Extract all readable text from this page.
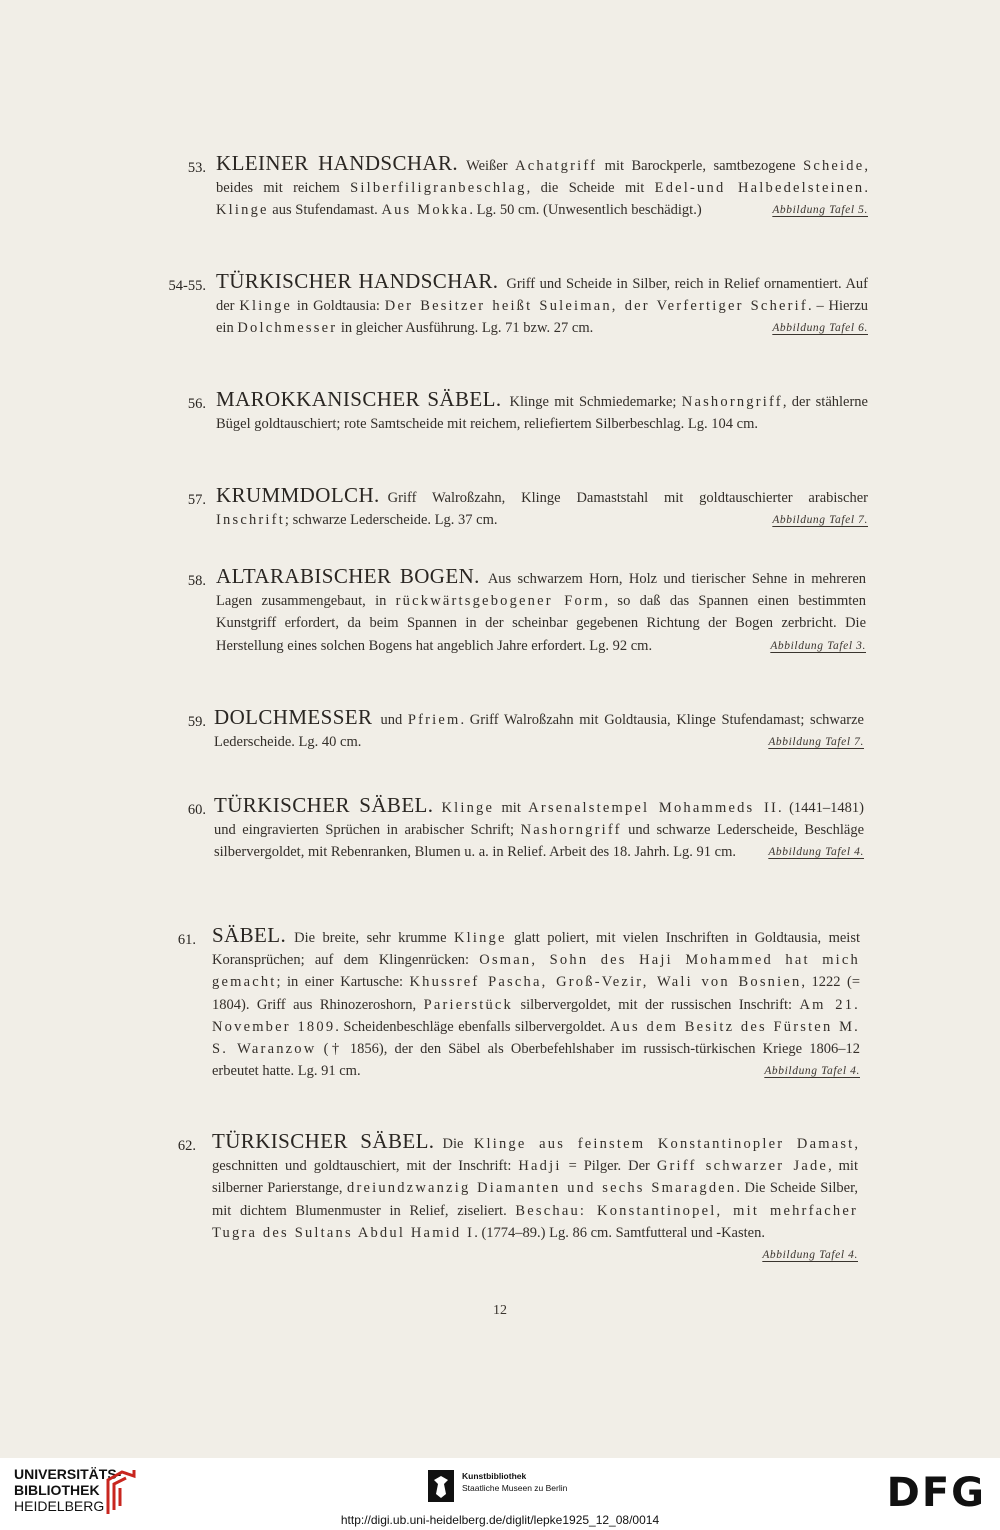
53. KLEINER HANDSCHAR. Weißer Achatgriff mit Barockperle, samtbezogene Scheide, beides mit reichem Silberfiligranbeschlag, die Scheide mit Edel-und Halbedelsteinen. Klinge aus Stufendamast. Aus Mokka. Lg. 50 cm. (Unwesentlich beschädigt.)	Abbildung Tafel 5.
54-55. TÜRKISCHER HANDSCHAR. Griff und Scheide in Silber, reich in Relief ornamentiert. Auf der Klinge in Goldtausia: Der Besitzer heißt Suleiman, der Verfertiger Scherif. – Hierzu ein Dolchmesser in gleicher Ausführung. Lg. 71 bzw. 27 cm.	Abbildung Tafel 6.
56. MAROKKANISCHER SÄBEL. Klinge mit Schmiedemarke; Nashorngriff, der stählerne Bügel goldtauschiert; rote Samtscheide mit reichem, reliefiertem Silberbeschlag. Lg. 104 cm.
57. KRUMMDOLCH. Griff Walroßzahn, Klinge Damaststahl mit goldtauschierter arabischer Inschrift; schwarze Lederscheide. Lg. 37 cm.	Abbildung Tafel 7.
58. ALTARABISCHER BOGEN. Aus schwarzem Horn, Holz und tierischer Sehne in mehreren Lagen zusammengebaut, in rückwärtsgebogener Form, so daß das Spannen einen bestimmten Kunstgriff erfordert, da beim Spannen in der scheinbar gegebenen Richtung der Bogen zerbricht. Die Herstellung eines solchen Bogens hat angeblich Jahre erfordert. Lg. 92 cm.	Abbildung Tafel 3.
59. DOLCHMESSER und Pfriem. Griff Walroßzahn mit Goldtausia, Klinge Stufendamast; schwarze Lederscheide. Lg. 40 cm.	Abbildung Tafel 7.
60. TÜRKISCHER SÄBEL. Klinge mit Arsenalstempel Mohammeds II. (1441–1481) und eingravierten Sprüchen in arabischer Schrift; Nashorngriff und schwarze Lederscheide, Beschläge silbervergoldet, mit Rebenranken, Blumen u. a. in Relief. Arbeit des 18. Jahrh. Lg. 91 cm.	Abbildung Tafel 4.
61. SÄBEL. Die breite, sehr krumme Klinge glatt poliert, mit vielen Inschriften in Goldtausia, meist Koransprüchen; auf dem Klingenrücken: Osman, Sohn des Haji Mohammed hat mich gemacht; in einer Kartusche: Khussref Pascha, Groß-Vezir, Wali von Bosnien, 1222 (= 1804). Griff aus Rhinozeroshorn, Parierstück silbervergoldet, mit der russischen Inschrift: Am 21. November 1809. Scheidenbeschläge ebenfalls silbervergoldet. Aus dem Besitz des Fürsten M. S. Waranzow († 1856), der den Säbel als Oberbefehlshaber im russisch-türkischen Kriege 1806–12 erbeutet hatte. Lg. 91 cm.	Abbildung Tafel 4.
62. TÜRKISCHER SÄBEL. Die Klinge aus feinstem Konstantinopler Damast, geschnitten und goldtauschiert, mit der Inschrift: Hadji = Pilger. Der Griff schwarzer Jade, mit silberner Parierstange, dreiundzwanzig Diamanten und sechs Smaragden. Die Scheide Silber, mit dichtem Blumenmuster in Relief, ziseliert. Beschau: Konstantinopel, mit mehrfacher Tugra des Sultans Abdul Hamid I. (1774–89.) Lg. 86 cm. Samtfutteral und -Kasten.
Abbildung Tafel 4.
12
UNIVERSITÄTS-
BIBLIOTHEK
HEIDELBERG
Kunstbibliothek
Staatliche Museen zu Berlin	DFG
http://digi.ub.uni-heidelberg.de/diglit/lepke1925_12_08/0014
